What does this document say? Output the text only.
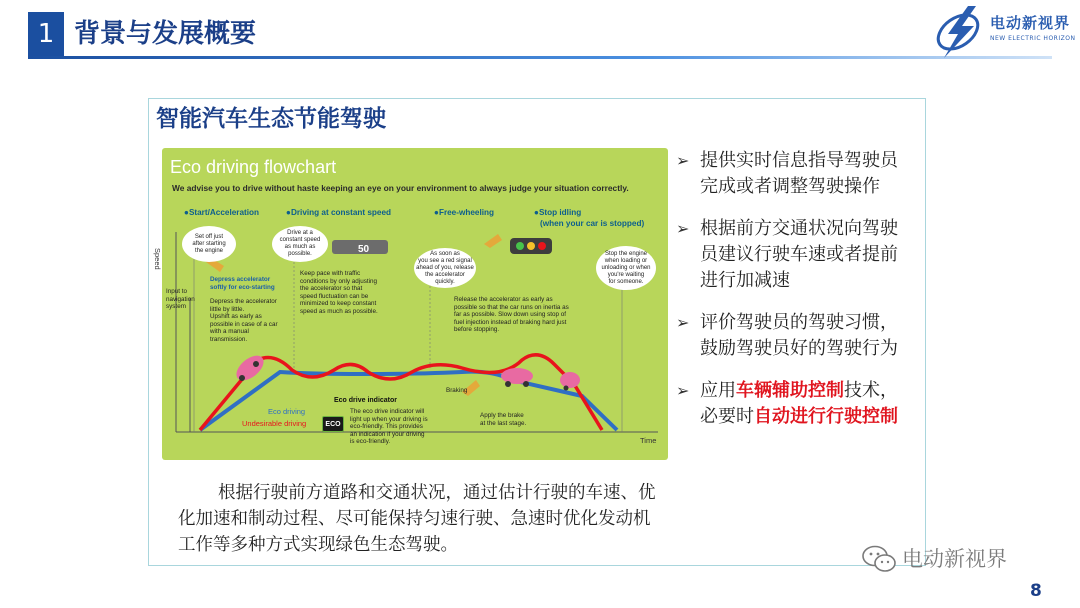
1 背景与发展概要	电动新视界
NEW ELECTRIC HORIZON
智能汽车生态节能驾驶
Eco driving flowchart
We advise you to drive without haste keeping an eye on your environment to always judge your situation correctly.
●Start/Acceleration	●Driving at constant speed	●Free-wheeling	●Stop idling
(when your car is stopped)
50
Speed
Time
Set off just
after starting
the engine
Drive at a
constant speed
as much as
possible.	As soon as
you see a red signal
ahead of you, release
the accelerator
quickly.
Stop the engine
when loading or
unloading or when
you're waiting
for someone.
Input to
navigation
system
Depress accelerator
softly for eco-starting
Depress the accelerator
little by little.
Upshift as early as
possible in case of a car
with a manual
transmission.
Keep pace with traffic
conditions by only adjusting
the accelerator so that
speed fluctuation can be
minimized to keep constant
speed as much as possible.
Release the accelerator as early as
possible so that the car runs on inertia as
far as possible. Slow down using stop of
fuel injection instead of braking hard just
before stopping.
Braking
Apply the brake
at the last stage.
Eco driving
Undesirable driving
Eco drive indicator
ECO
The eco drive indicator will
light up when your driving is
eco-friendly. This provides
an indication if your driving
is eco-friendly.
根据行驶前方道路和交通状况，通过估计行驶的车速、优化加速和制动过程、尽可能保持匀速行驶、急速时优化发动机工作等多种方式实现绿色生态驾驶。
➢ 提供实时信息指导驾驶员完成或者调整驾驶操作
➢ 根据前方交通状况向驾驶员建议行驶车速或者提前进行加减速
➢ 评价驾驶员的驾驶习惯，鼓励驾驶员好的驾驶行为
➢ 应用车辆辅助控制技术，必要时自动进行行驶控制
电动新视界
8
